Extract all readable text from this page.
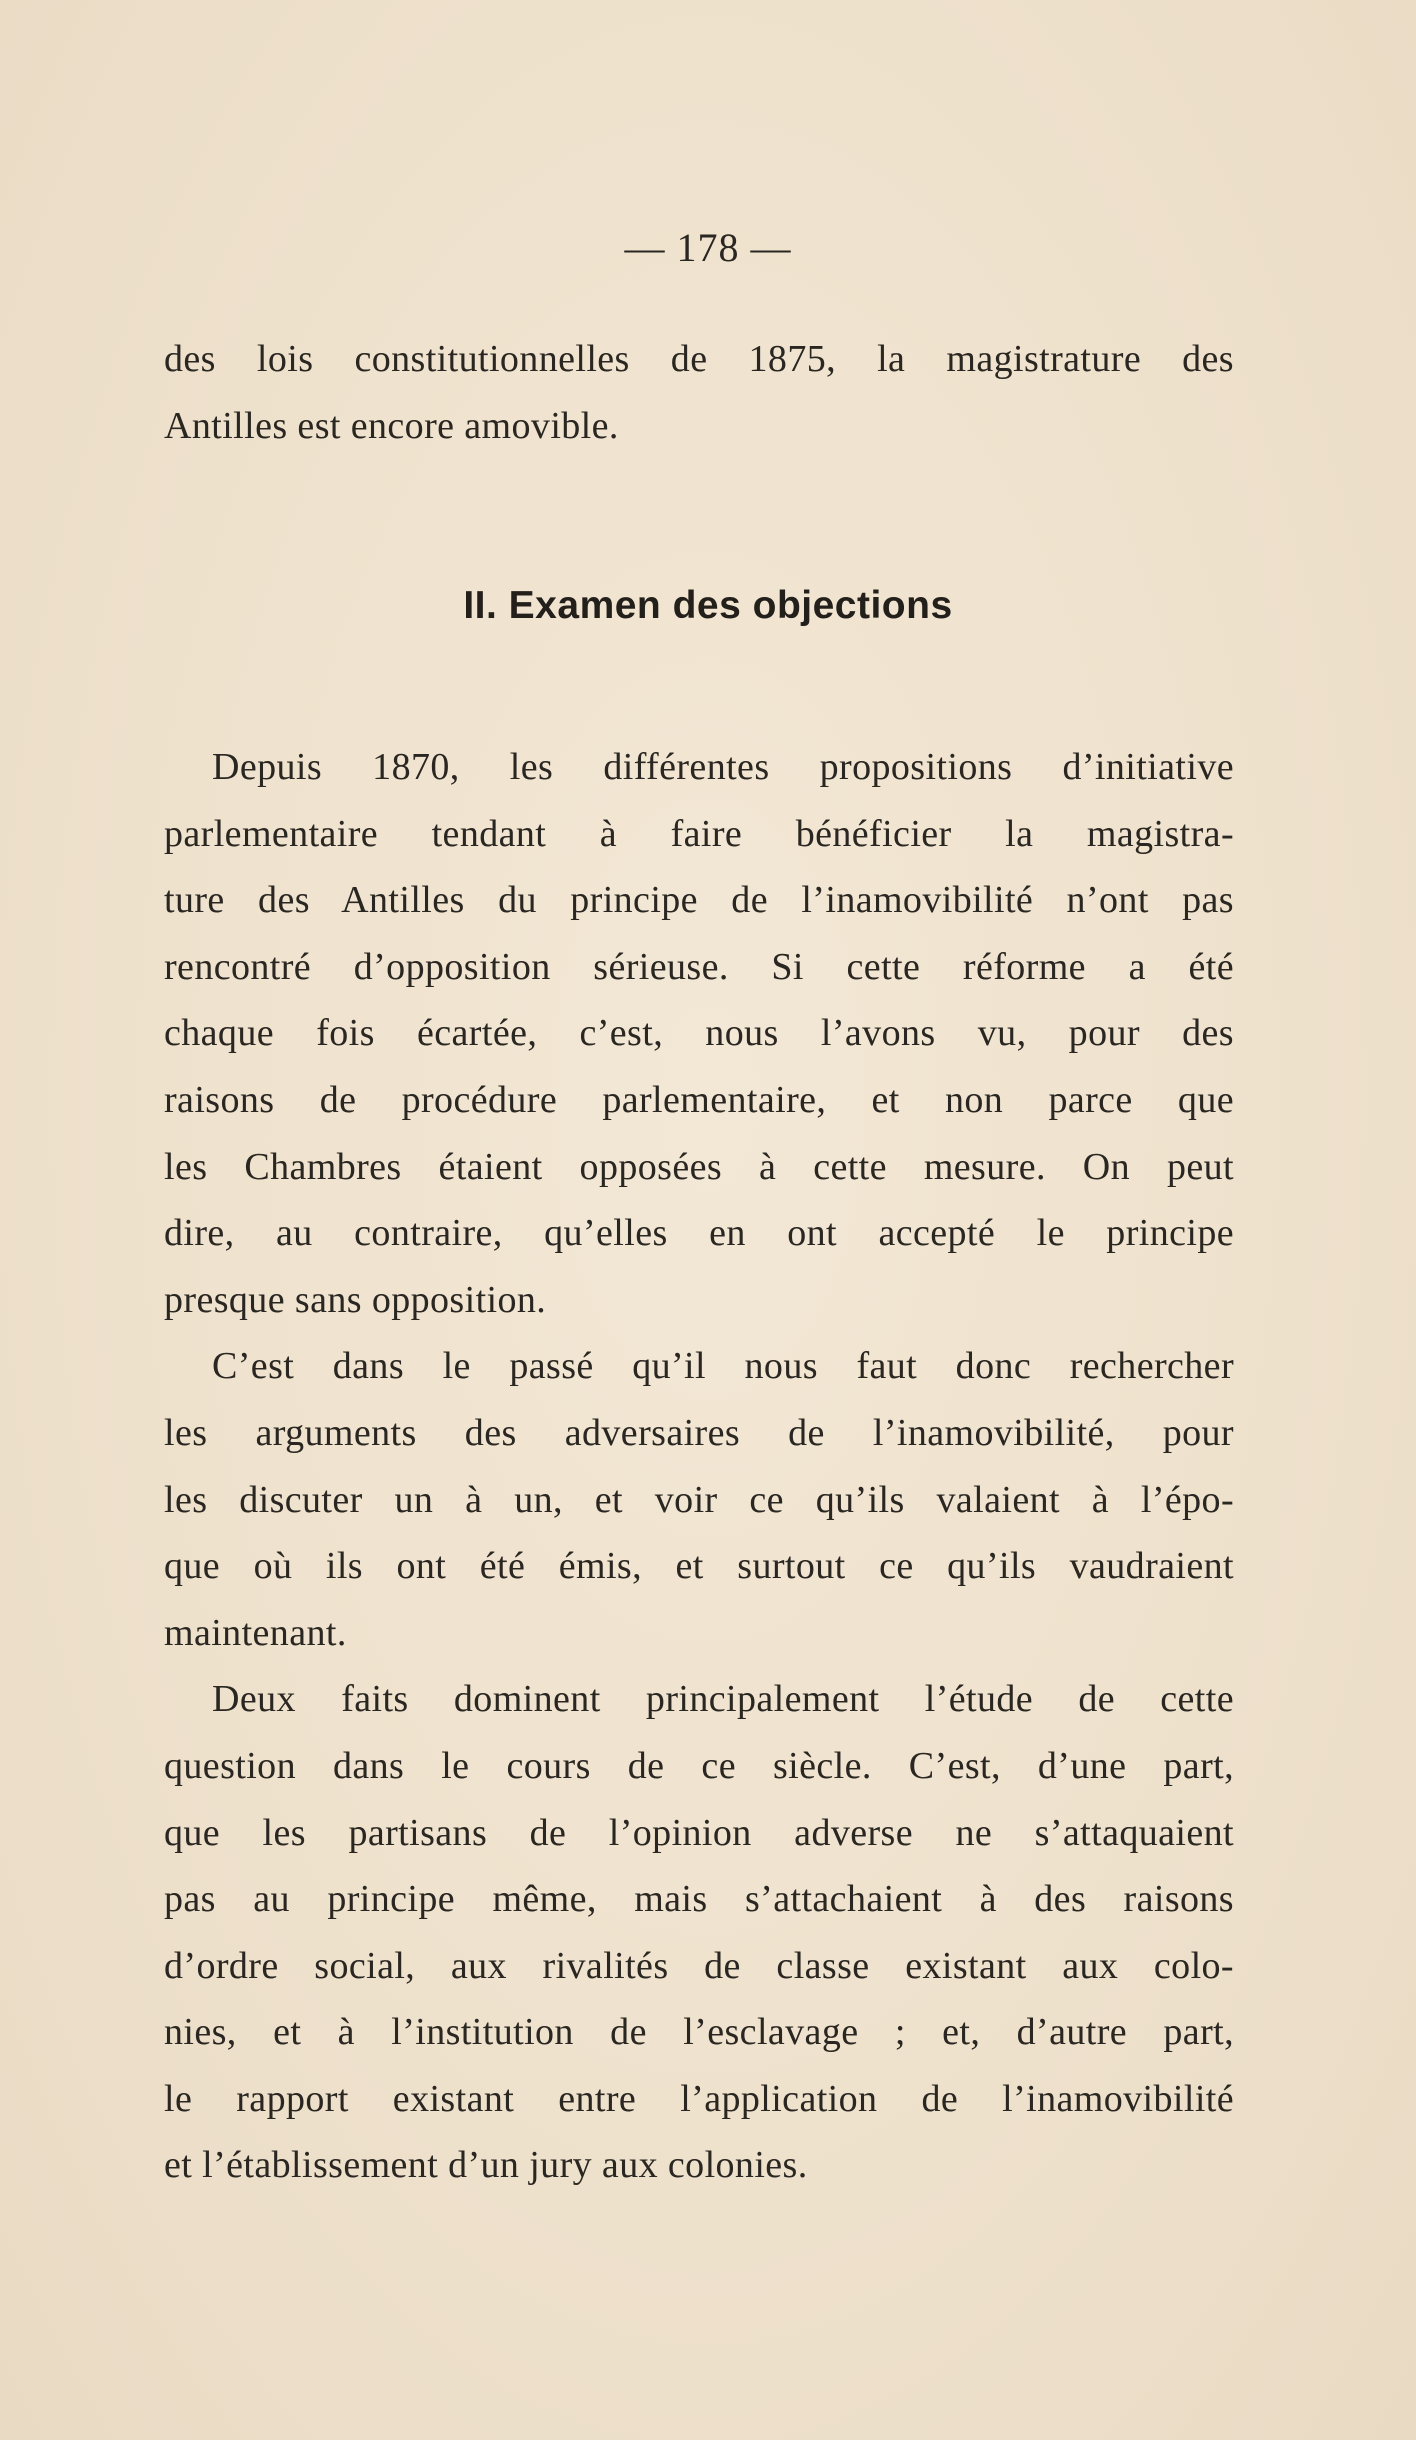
— 178 —
des lois constitutionnelles de 1875, la magistrature des
Antilles est encore amovible.
II. Examen des objections
Depuis 1870, les différentes propositions d’initiative
parlementaire tendant à faire bénéficier la magistra-
ture des Antilles du principe de l’inamovibilité n’ont pas
rencontré d’opposition sérieuse. Si cette réforme a été
chaque fois écartée, c’est, nous l’avons vu, pour des
raisons de procédure parlementaire, et non parce que
les Chambres étaient opposées à cette mesure. On peut
dire, au contraire, qu’elles en ont accepté le principe
presque sans opposition.
C’est dans le passé qu’il nous faut donc rechercher
les arguments des adversaires de l’inamovibilité, pour
les discuter un à un, et voir ce qu’ils valaient à l’épo-
que où ils ont été émis, et surtout ce qu’ils vaudraient
maintenant.
Deux faits dominent principalement l’étude de cette
question dans le cours de ce siècle. C’est, d’une part,
que les partisans de l’opinion adverse ne s’attaquaient
pas au principe même, mais s’attachaient à des raisons
d’ordre social, aux rivalités de classe existant aux colo-
nies, et à l’institution de l’esclavage ; et, d’autre part,
le rapport existant entre l’application de l’inamovibilité
et l’établissement d’un jury aux colonies.
